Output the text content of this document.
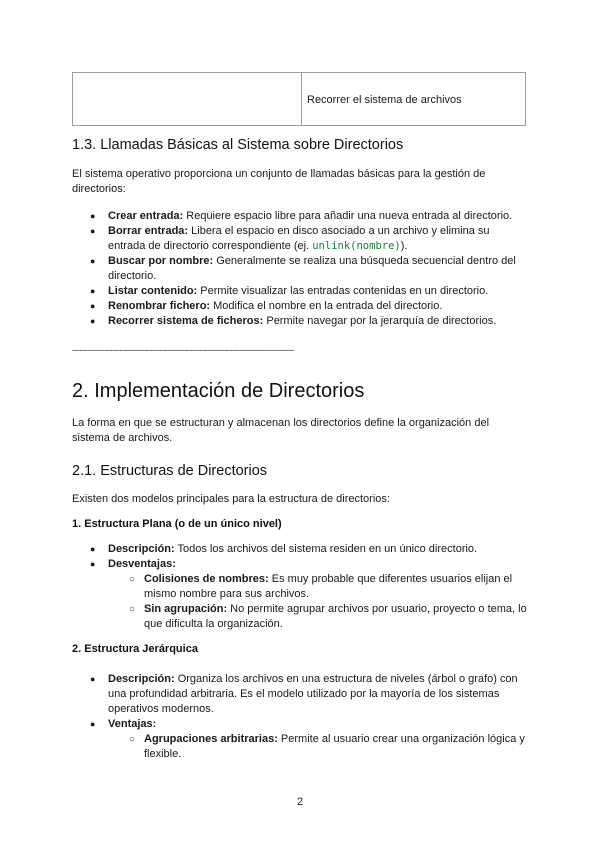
	Recorrer el sistema de archivos
1.3. Llamadas Básicas al Sistema sobre Directorios

El sistema operativo proporciona un conjunto de llamadas básicas para la gestión de directorios:

● Crear entrada: Requiere espacio libre para añadir una nueva entrada al directorio.
● Borrar entrada: Libera el espacio en disco asociado a un archivo y elimina su entrada de directorio correspondiente (ej. unlink(nombre)).
● Buscar por nombre: Generalmente se realiza una búsqueda secuencial dentro del directorio.
● Listar contenido: Permite visualizar las entradas contenidas en un directorio.
● Renombrar fichero: Modifica el nombre en la entrada del directorio.
● Recorrer sistema de ficheros: Permite navegar por la jerarquía de directorios.
-----------------------------------------------------------------------------------------
2. Implementación de Directorios

La forma en que se estructuran y almacenan los directorios define la organización del sistema de archivos.

2.1. Estructuras de Directorios

Existen dos modelos principales para la estructura de directorios:

1. Estructura Plana (o de un único nivel)
● Descripción: Todos los archivos del sistema residen en un único directorio.
● Desventajas:
○ Colisiones de nombres: Es muy probable que diferentes usuarios elijan el mismo nombre para sus archivos.
○ Sin agrupación: No permite agrupar archivos por usuario, proyecto o tema, lo que dificulta la organización.
2. Estructura Jerárquica
● Descripción: Organiza los archivos en una estructura de niveles (árbol o grafo) con una profundidad arbitraria. Es el modelo utilizado por la mayoría de los sistemas operativos modernos.
● Ventajas:
○ Agrupaciones arbitrarias: Permite al usuario crear una organización lógica y flexible.
2
